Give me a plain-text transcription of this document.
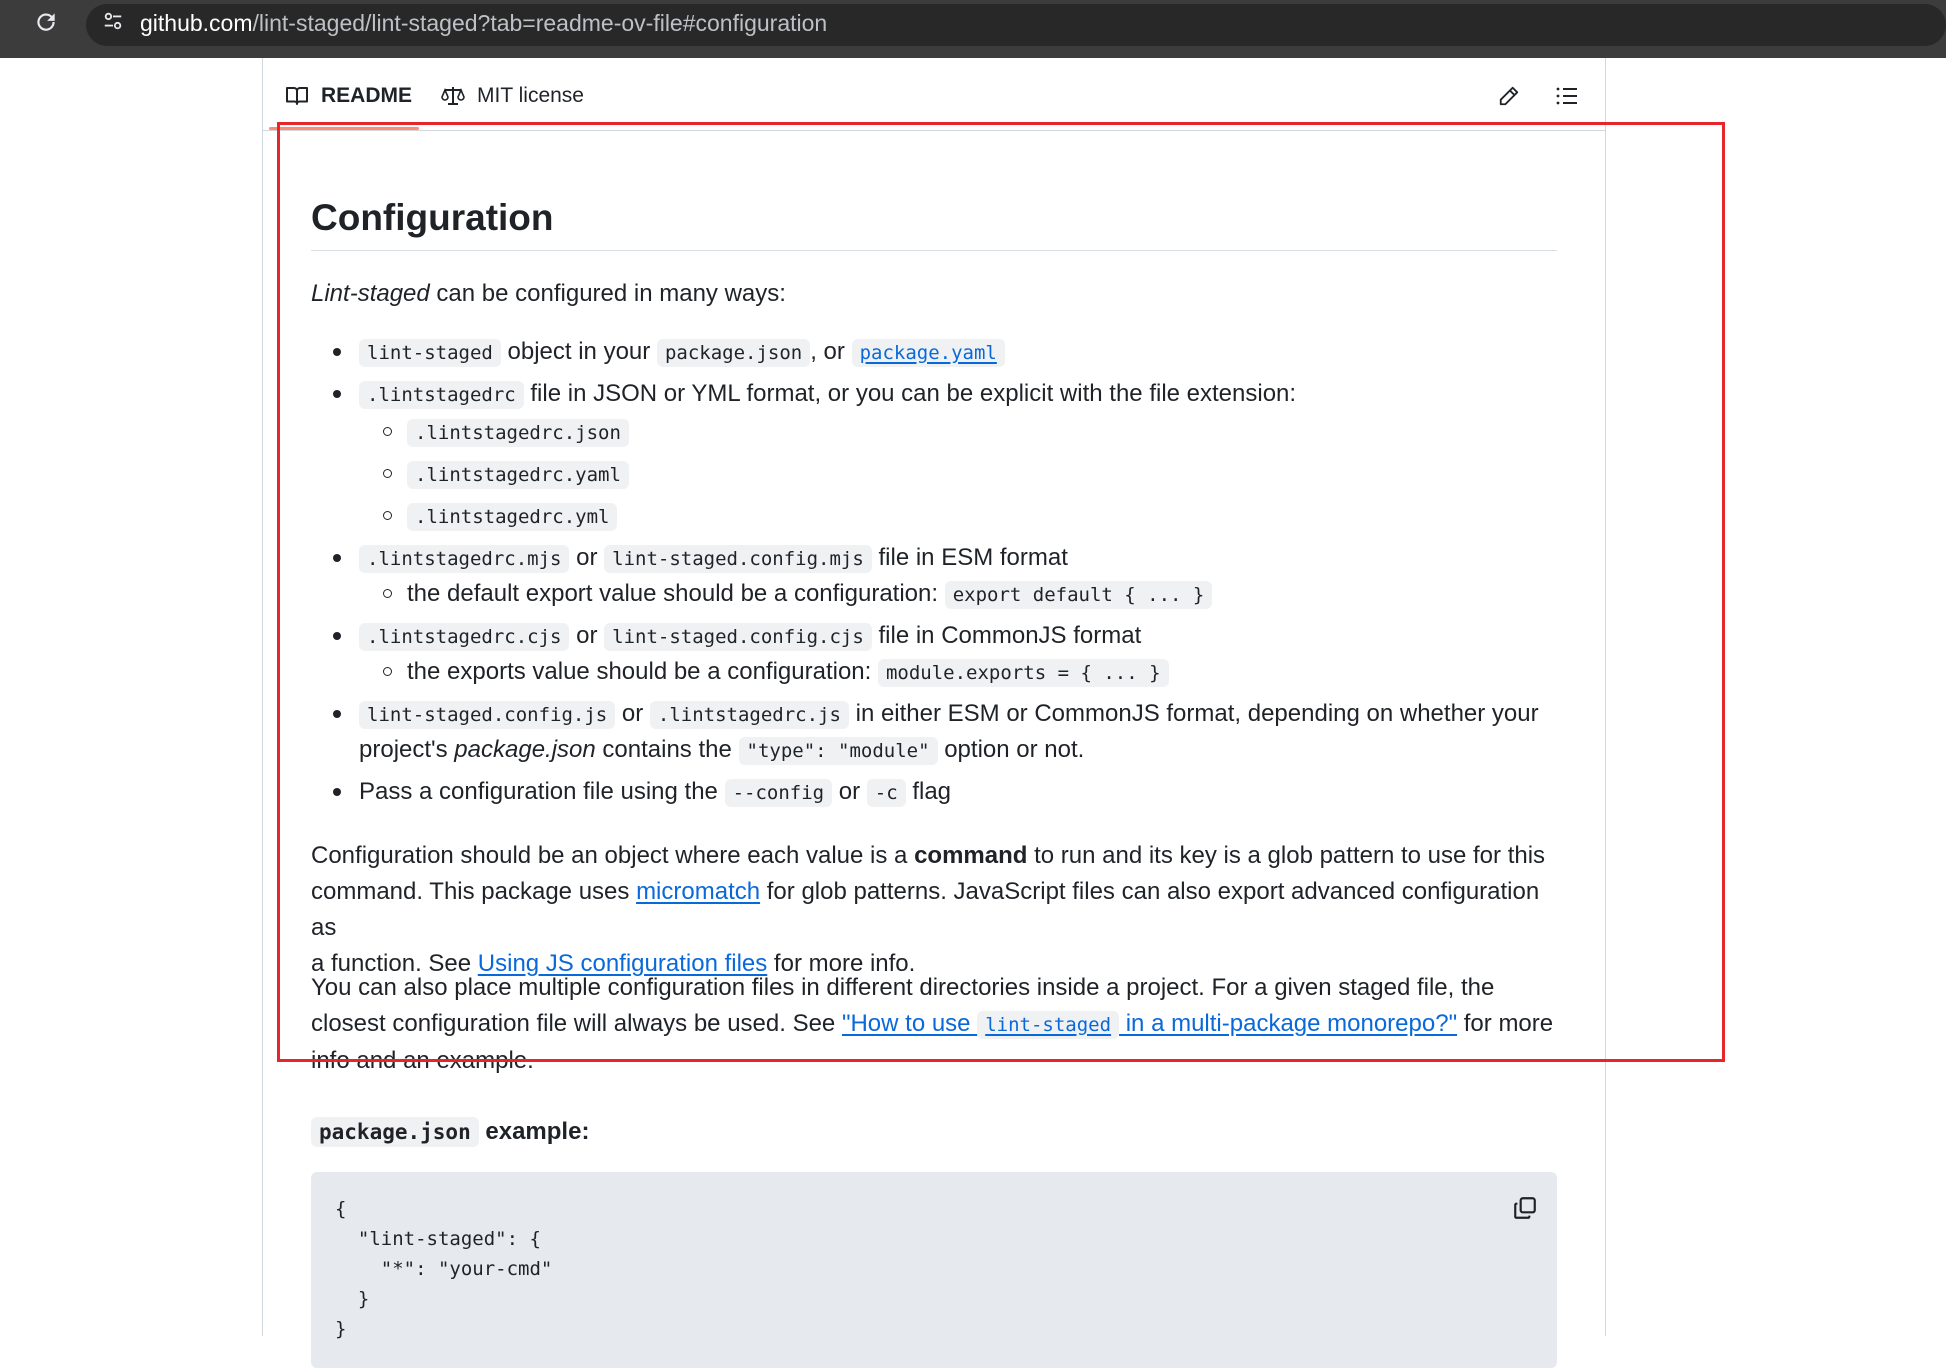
github.com/lint-staged/lint-staged?tab=readme-ov-file#configuration
README	MIT license
Configuration

Lint-staged can be configured in many ways:

lint-staged object in your package.json , or package.yaml
.lintstagedrc file in JSON or YML format, or you can be explicit with the file extension:
.lintstagedrc.json
.lintstagedrc.yaml
.lintstagedrc.yml
.lintstagedrc.mjs or lint-staged.config.mjs file in ESM format
the default export value should be a configuration: export default { ... }
.lintstagedrc.cjs or lint-staged.config.cjs file in CommonJS format
the exports value should be a configuration: module.exports = { ... }
lint-staged.config.js or .lintstagedrc.js in either ESM or CommonJS format, depending on whether your
project's package.json contains the "type": "module" option or not.
Pass a configuration file using the --config or -c flag

Configuration should be an object where each value is a command to run and its key is a glob pattern to use for this
command. This package uses micromatch for glob patterns. JavaScript files can also export advanced configuration as
a function. See Using JS configuration files for more info.

You can also place multiple configuration files in different directories inside a project. For a given staged file, the
closest configuration file will always be used. See "How to use lint-staged in a multi-package monorepo?" for more
info and an example.

package.json example:
{
"lint-staged": {
"*": "your-cmd"
}
}
